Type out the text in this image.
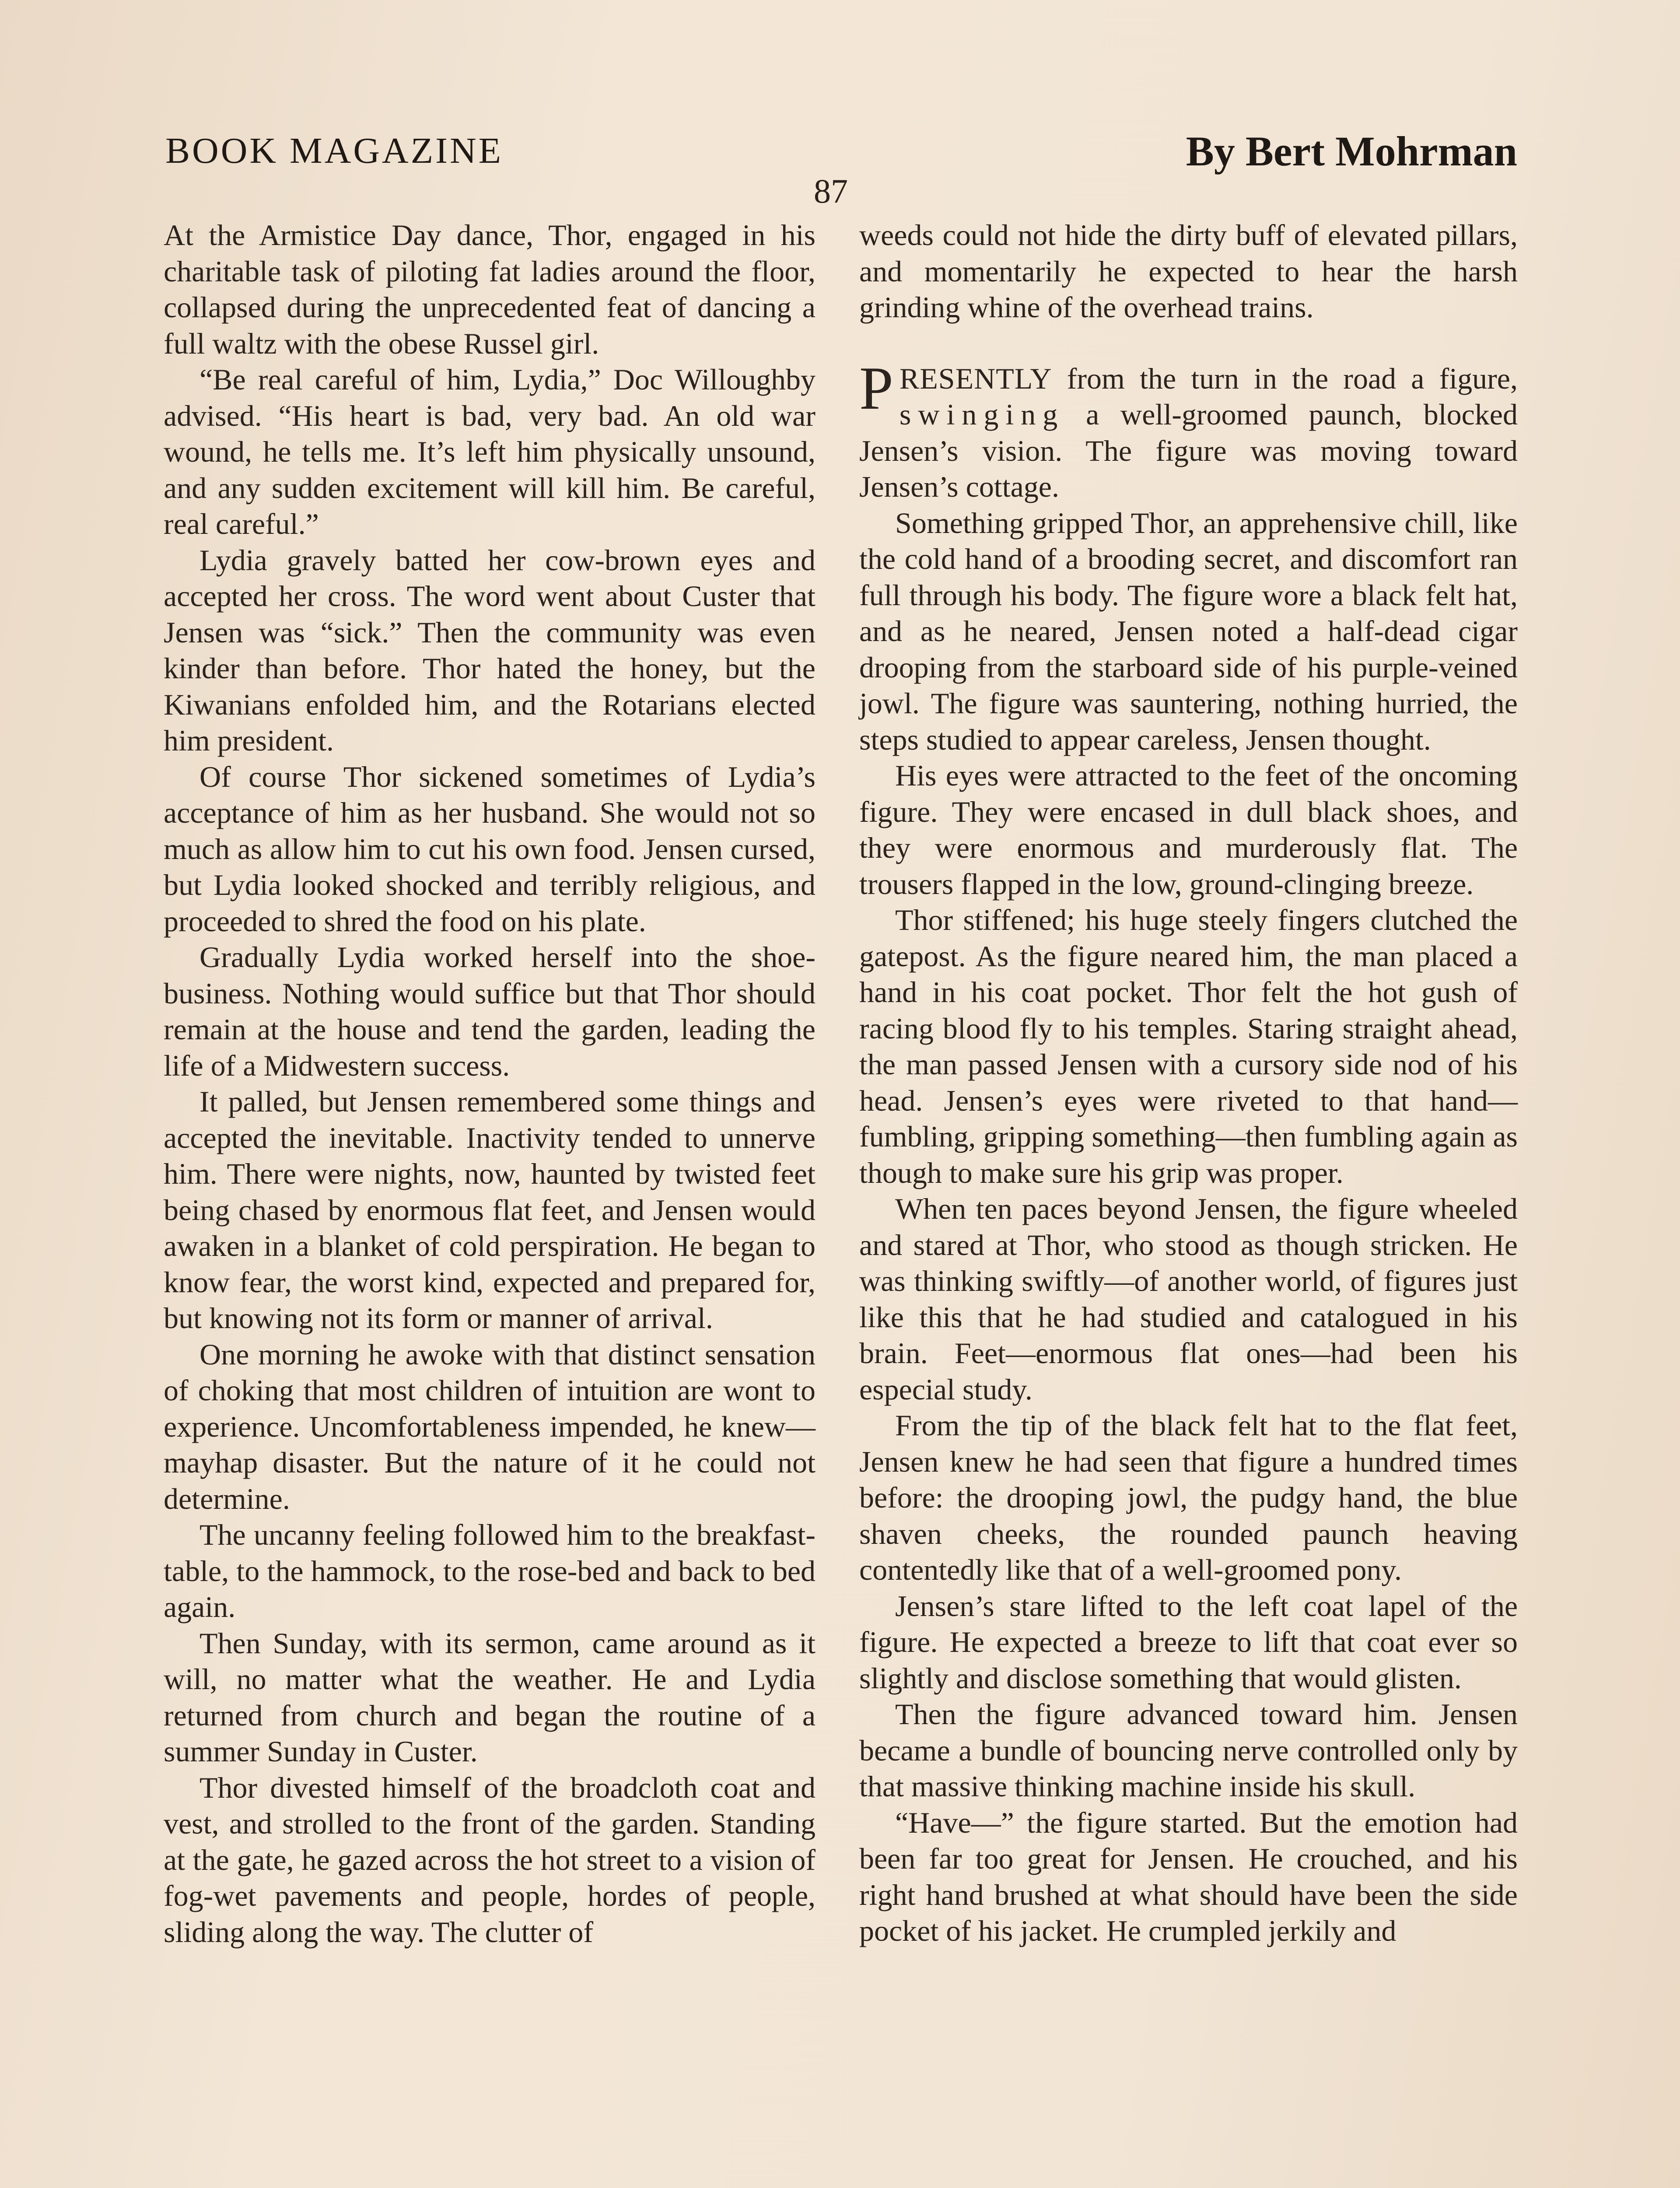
BOOK MAGAZINE	By Bert Mohrman
87

At the Armistice Day dance, Thor, engaged in his charitable task of piloting fat ladies around the floor, collapsed during the unprecedented feat of dancing a full waltz with the obese Russel girl.

“Be real careful of him, Lydia,” Doc Willoughby advised. “His heart is bad, very bad. An old war wound, he tells me. It’s left him physically unsound, and any sudden excitement will kill him. Be careful, real careful.”

Lydia gravely batted her cow-brown eyes and accepted her cross. The word went about Custer that Jensen was “sick.” Then the community was even kinder than before. Thor hated the honey, but the Kiwanians enfolded him, and the Rotarians elected him president.

Of course Thor sickened sometimes of Lydia’s acceptance of him as her husband. She would not so much as allow him to cut his own food. Jensen cursed, but Lydia looked shocked and terribly religious, and proceeded to shred the food on his plate.

Gradually Lydia worked herself into the shoe-business. Nothing would suffice but that Thor should remain at the house and tend the garden, leading the life of a Midwestern success.

It palled, but Jensen remembered some things and accepted the inevitable. Inactivity tended to unnerve him. There were nights, now, haunted by twisted feet being chased by enormous flat feet, and Jensen would awaken in a blanket of cold perspiration. He began to know fear, the worst kind, expected and prepared for, but knowing not its form or manner of arrival.

One morning he awoke with that distinct sensation of choking that most children of intuition are wont to experience. Uncomfortableness impended, he knew—mayhap disaster. But the nature of it he could not determine.

The uncanny feeling followed him to the breakfast-table, to the hammock, to the rose-bed and back to bed again.

Then Sunday, with its sermon, came around as it will, no matter what the weather. He and Lydia returned from church and began the routine of a summer Sunday in Custer.

Thor divested himself of the broadcloth coat and vest, and strolled to the front of the garden. Standing at the gate, he gazed across the hot street to a vision of fog-wet pavements and people, hordes of people, sliding along the way. The clutter of

weeds could not hide the dirty buff of elevated pillars, and momentarily he expected to hear the harsh grinding whine of the overhead trains.

PRESENTLY from the turn in the road a figure, swinging a well-groomed paunch, blocked Jensen’s vision. The figure was moving toward Jensen’s cottage.

Something gripped Thor, an apprehensive chill, like the cold hand of a brooding secret, and discomfort ran full through his body. The figure wore a black felt hat, and as he neared, Jensen noted a half-dead cigar drooping from the starboard side of his purple-veined jowl. The figure was sauntering, nothing hurried, the steps studied to appear careless, Jensen thought.

His eyes were attracted to the feet of the oncoming figure. They were encased in dull black shoes, and they were enormous and murderously flat. The trousers flapped in the low, ground-clinging breeze.

Thor stiffened; his huge steely fingers clutched the gatepost. As the figure neared him, the man placed a hand in his coat pocket. Thor felt the hot gush of racing blood fly to his temples. Staring straight ahead, the man passed Jensen with a cursory side nod of his head. Jensen’s eyes were riveted to that hand—fumbling, gripping something—then fumbling again as though to make sure his grip was proper.

When ten paces beyond Jensen, the figure wheeled and stared at Thor, who stood as though stricken. He was thinking swiftly—of another world, of figures just like this that he had studied and catalogued in his brain. Feet—enormous flat ones—had been his especial study.

From the tip of the black felt hat to the flat feet, Jensen knew he had seen that figure a hundred times before: the drooping jowl, the pudgy hand, the blue shaven cheeks, the rounded paunch heaving contentedly like that of a well-groomed pony.

Jensen’s stare lifted to the left coat lapel of the figure. He expected a breeze to lift that coat ever so slightly and disclose something that would glisten.

Then the figure advanced toward him. Jensen became a bundle of bouncing nerve controlled only by that massive thinking machine inside his skull.

“Have—” the figure started. But the emotion had been far too great for Jensen. He crouched, and his right hand brushed at what should have been the side pocket of his jacket. He crumpled jerkily and
